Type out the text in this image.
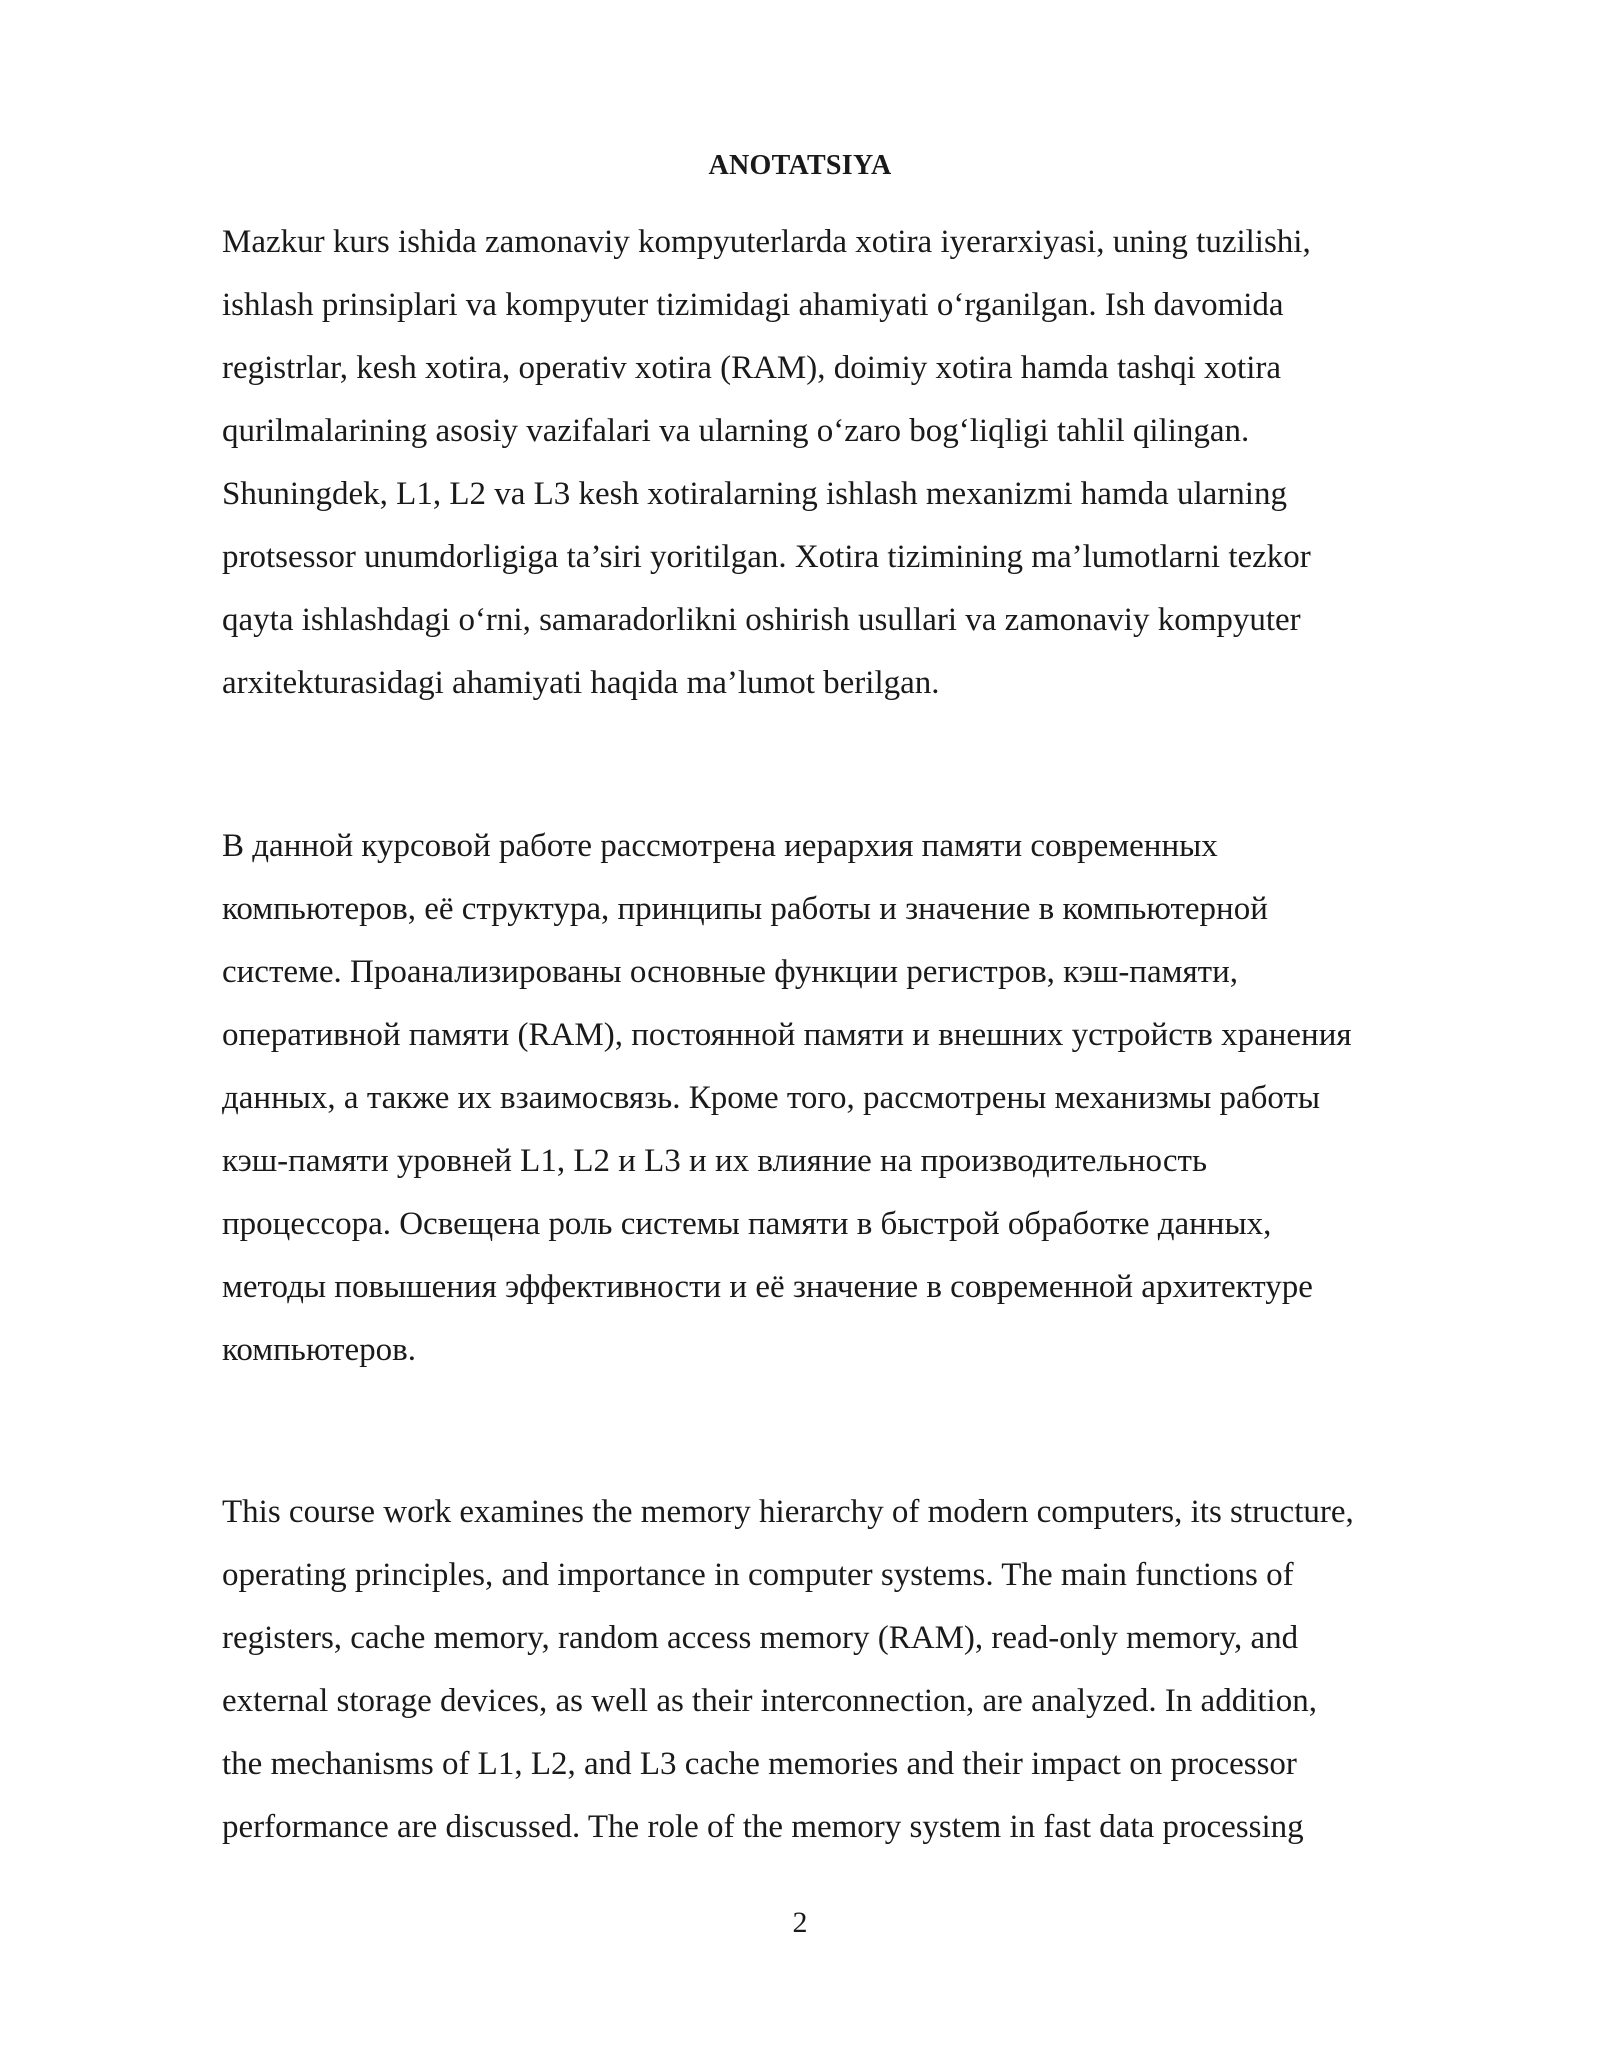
ANOTATSIYA

Mazkur kurs ishida zamonaviy kompyuterlarda xotira iyerarxiyasi, uning tuzilishi,
ishlash prinsiplari va kompyuter tizimidagi ahamiyati o‘rganilgan. Ish davomida
registrlar, kesh xotira, operativ xotira (RAM), doimiy xotira hamda tashqi xotira
qurilmalarining asosiy vazifalari va ularning o‘zaro bog‘liqligi tahlil qilingan.
Shuningdek, L1, L2 va L3 kesh xotiralarning ishlash mexanizmi hamda ularning
protsessor unumdorligiga ta’siri yoritilgan. Xotira tizimining ma’lumotlarni tezkor
qayta ishlashdagi o‘rni, samaradorlikni oshirish usullari va zamonaviy kompyuter
arxitekturasidagi ahamiyati haqida ma’lumot berilgan.

В данной курсовой работе рассмотрена иерархия памяти современных
компьютеров, её структура, принципы работы и значение в компьютерной
системе. Проанализированы основные функции регистров, кэш-памяти,
оперативной памяти (RAM), постоянной памяти и внешних устройств хранения
данных, а также их взаимосвязь. Кроме того, рассмотрены механизмы работы
кэш-памяти уровней L1, L2 и L3 и их влияние на производительность
процессора. Освещена роль системы памяти в быстрой обработке данных,
методы повышения эффективности и её значение в современной архитектуре
компьютеров.

This course work examines the memory hierarchy of modern computers, its structure,
operating principles, and importance in computer systems. The main functions of
registers, cache memory, random access memory (RAM), read-only memory, and
external storage devices, as well as their interconnection, are analyzed. In addition,
the mechanisms of L1, L2, and L3 cache memories and their impact on processor
performance are discussed. The role of the memory system in fast data processing

2
